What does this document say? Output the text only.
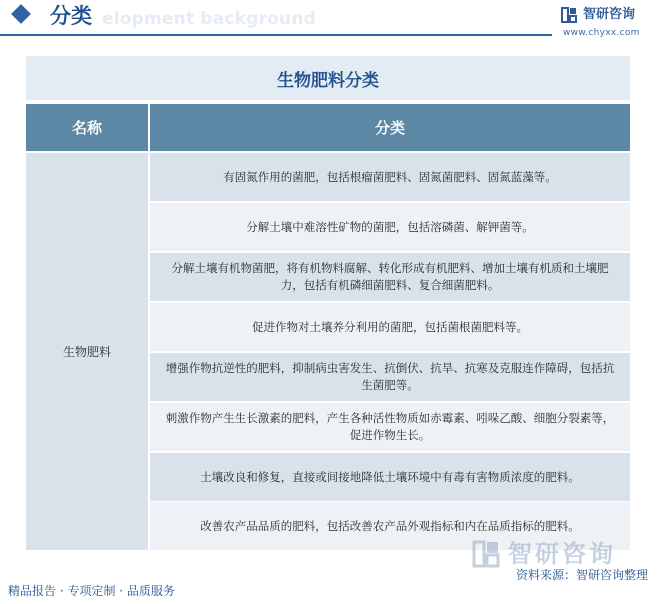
elopment background
分类	智研咨询
www.chyxx.com
生物肥料分类
名称	分类
生物肥料
有固氮作用的菌肥，包括根瘤菌肥料、固氮菌肥料、固氮蓝藻等。
分解土壤中难溶性矿物的菌肥，包括溶磷菌、解钾菌等。
分解土壤有机物菌肥，将有机物料腐解、转化形成有机肥料、增加土壤有机质和土壤肥力，包括有机磷细菌肥料、复合细菌肥料。
促进作物对土壤养分利用的菌肥，包括菌根菌肥料等。
增强作物抗逆性的肥料，抑制病虫害发生、抗倒伏、抗旱、抗寒及克服连作障碍，包括抗生菌肥等。
刺激作物产生生长激素的肥料，产生各种活性物质如赤霉素、吲哚乙酸、细胞分裂素等，促进作物生长。
土壤改良和修复，直接或间接地降低土壤环境中有毒有害物质浓度的肥料。
改善农产品品质的肥料，包括改善农产品外观指标和内在品质指标的肥料。
智研咨询
资料来源：智研咨询整理
精品报告 · 专项定制 · 品质服务
